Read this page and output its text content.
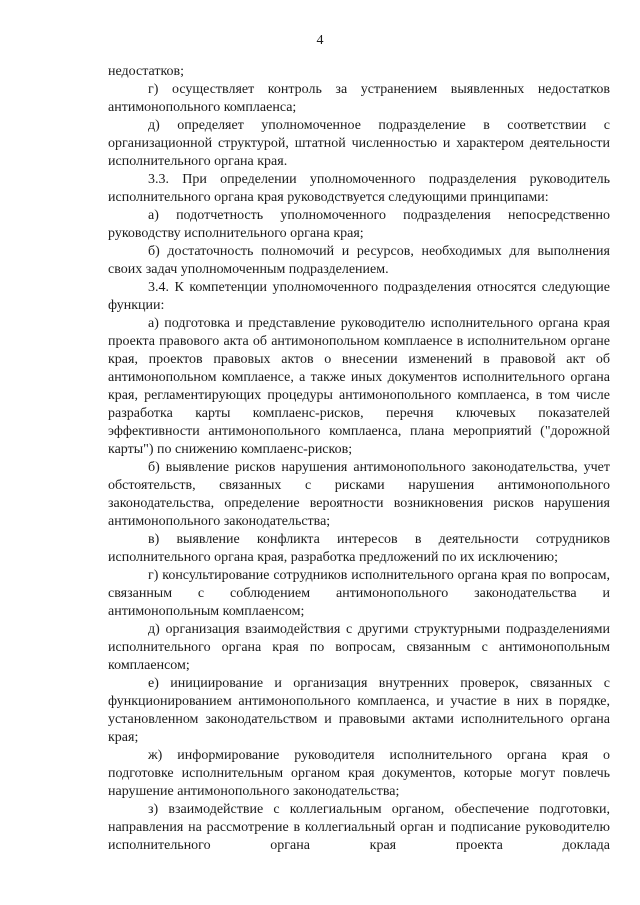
4

недостатков;

г) осуществляет контроль за устранением выявленных недостатков антимонопольного комплаенса;

д) определяет уполномоченное подразделение в соответствии с организационной структурой, штатной численностью и характером деятельности исполнительного органа края.

3.3. При определении уполномоченного подразделения руководитель исполнительного органа края руководствуется следующими принципами:

а) подотчетность уполномоченного подразделения непосредственно руководству исполнительного органа края;

б) достаточность полномочий и ресурсов, необходимых для выполнения своих задач уполномоченным подразделением.

3.4. К компетенции уполномоченного подразделения относятся следующие функции:

а) подготовка и представление руководителю исполнительного органа края проекта правового акта об антимонопольном комплаенсе в исполнительном органе края, проектов правовых актов о внесении изменений в правовой акт об антимонопольном комплаенсе, а также иных документов исполнительного органа края, регламентирующих процедуры антимонопольного комплаенса, в том числе разработка карты комплаенс-рисков, перечня ключевых показателей эффективности антимонопольного комплаенса, плана мероприятий ("дорожной карты") по снижению комплаенс-рисков;

б) выявление рисков нарушения антимонопольного законодательства, учет обстоятельств, связанных с рисками нарушения антимонопольного законодательства, определение вероятности возникновения рисков нарушения антимонопольного законодательства;

в) выявление конфликта интересов в деятельности сотрудников исполнительного органа края, разработка предложений по их исключению;

г) консультирование сотрудников исполнительного органа края по вопросам, связанным с соблюдением антимонопольного законодательства и антимонопольным комплаенсом;

д) организация взаимодействия с другими структурными подразделениями исполнительного органа края по вопросам, связанным с антимонопольным комплаенсом;

е) инициирование и организация внутренних проверок, связанных с функционированием антимонопольного комплаенса, и участие в них в порядке, установленном законодательством и правовыми актами исполнительного органа края;

ж) информирование руководителя исполнительного органа края о подготовке исполнительным органом края документов, которые могут повлечь нарушение антимонопольного законодательства;

з) взаимодействие с коллегиальным органом, обеспечение подготовки, направления на рассмотрение в коллегиальный орган и подписание руководителю исполнительного органа края проекта доклада
